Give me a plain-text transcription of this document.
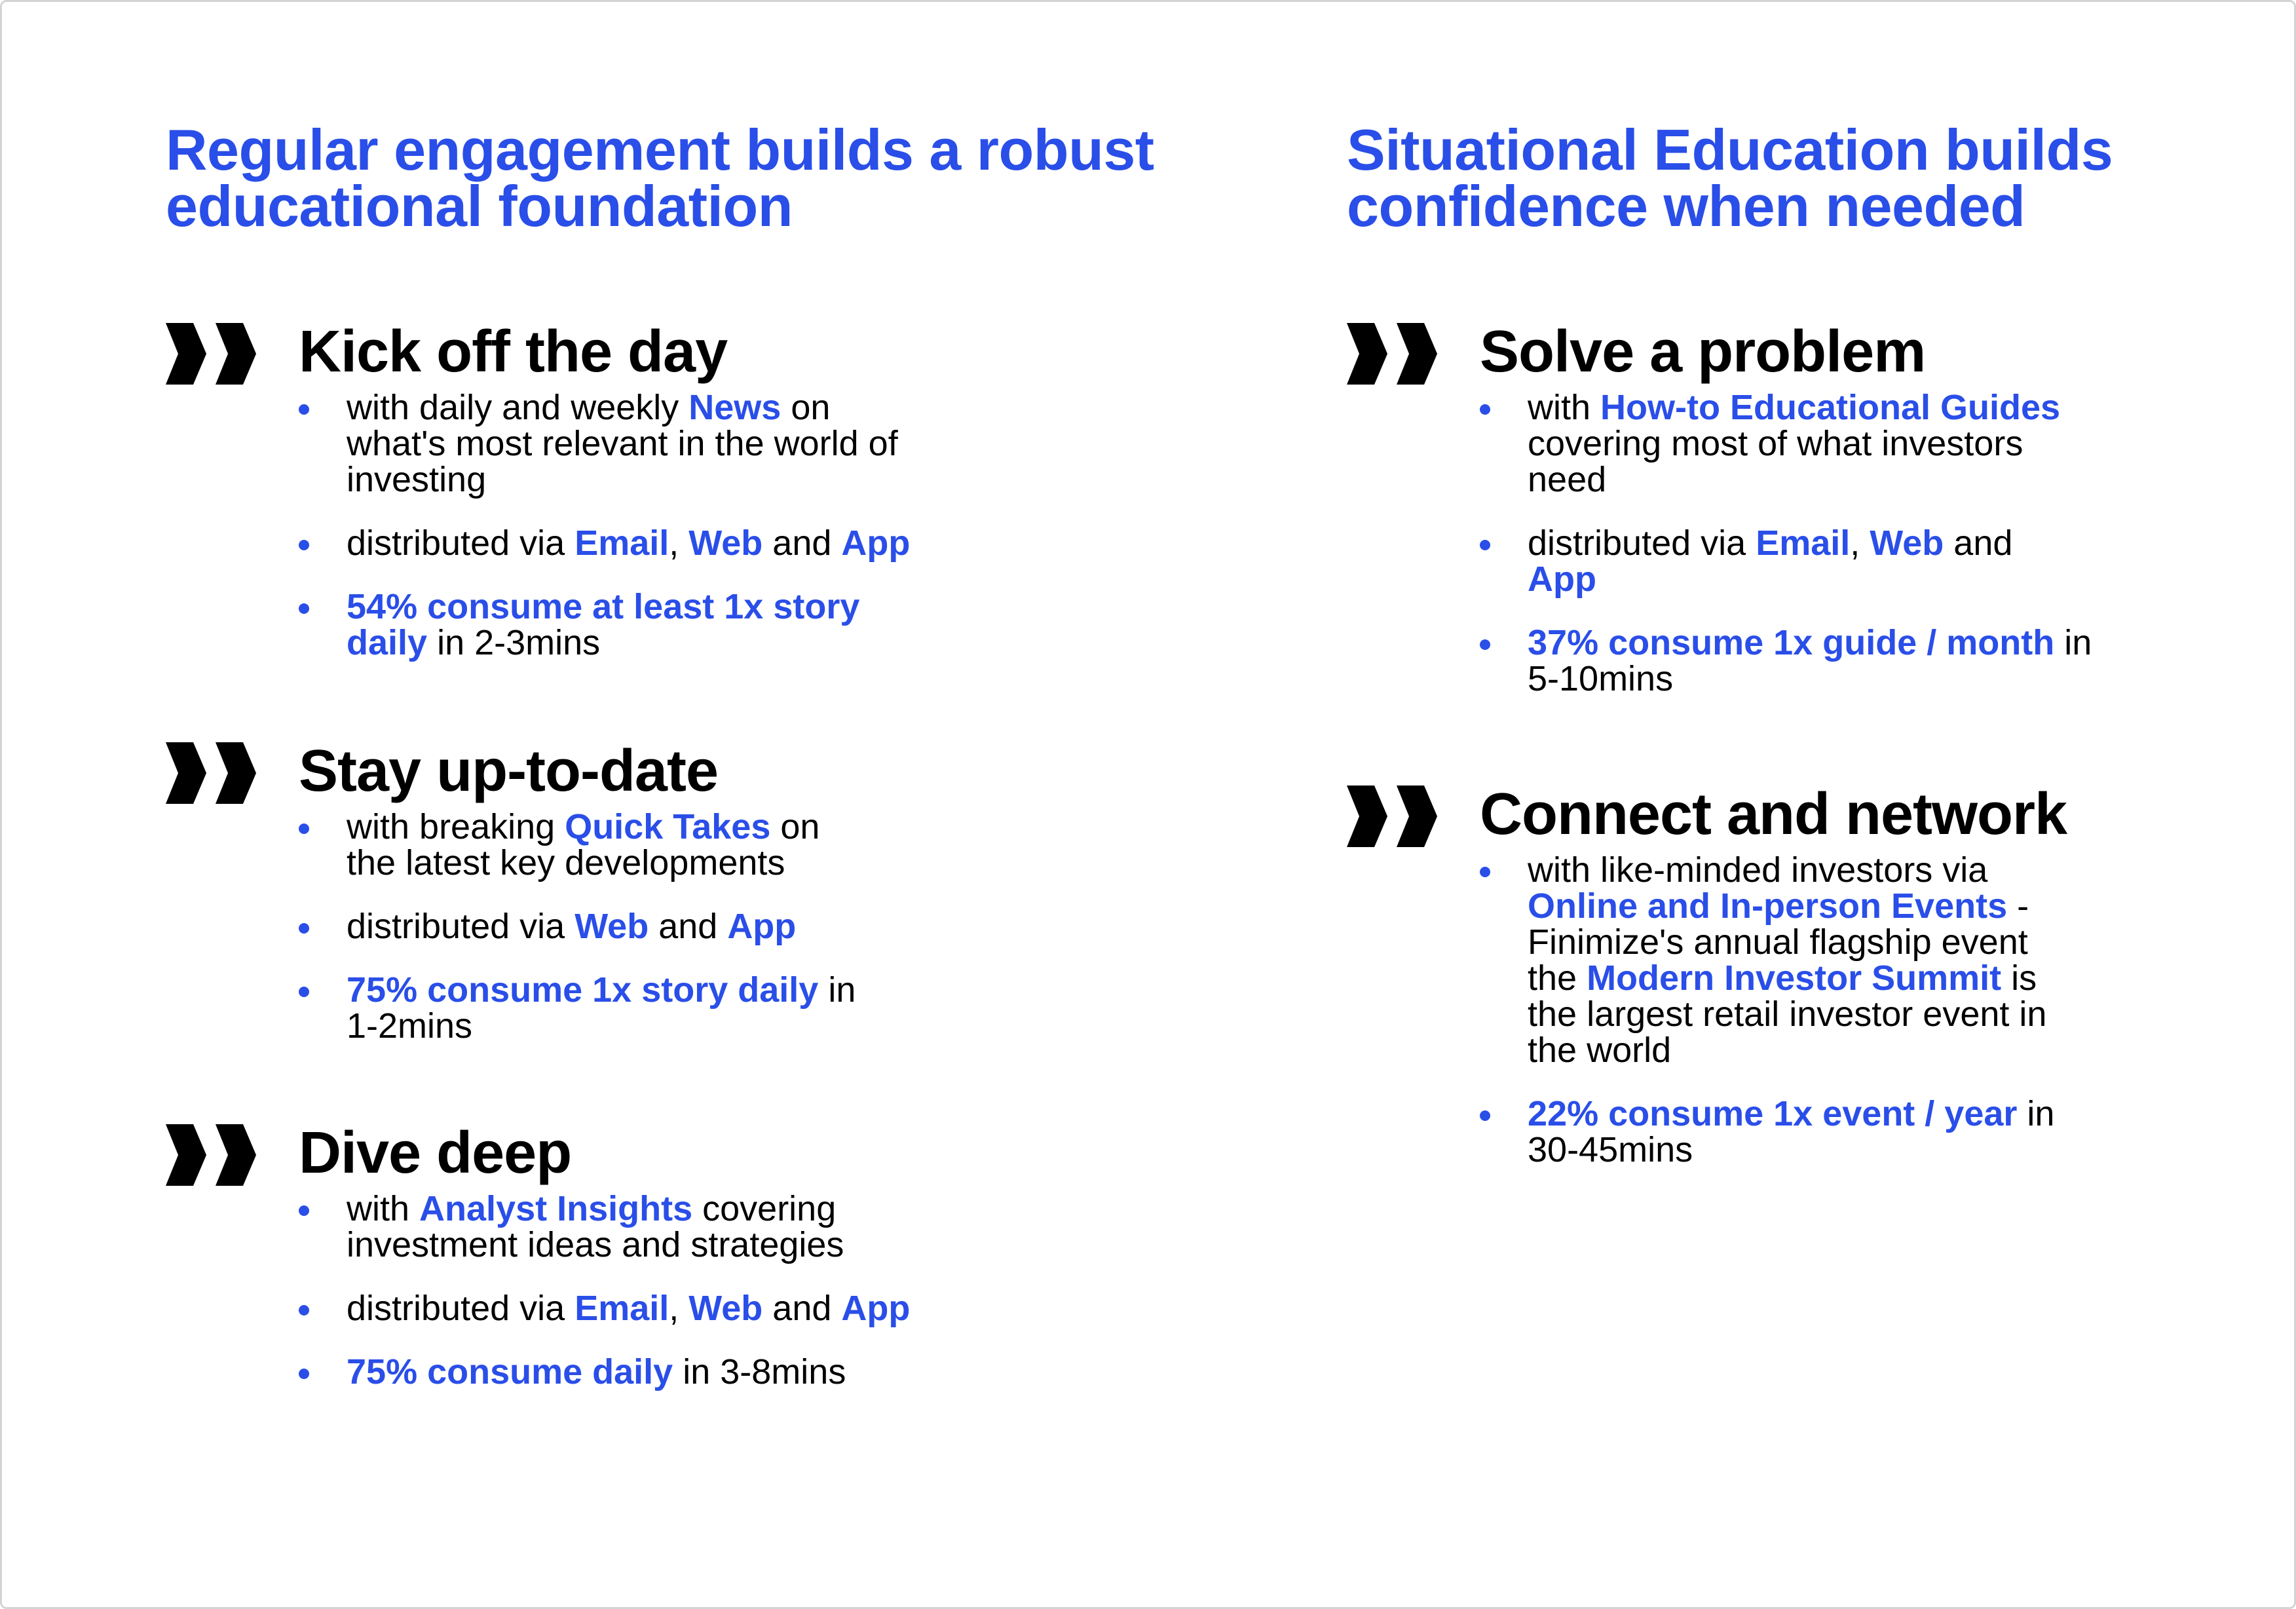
Regular engagement builds a robust
educational foundation
Kick off the day
with daily and weekly News on
what's most relevant in the world of
investing
distributed via Email, Web and App
54% consume at least 1x story
daily in 2-3mins
Stay up-to-date
with breaking Quick Takes on
the latest key developments
distributed via Web and App
75% consume 1x story daily in
1-2mins
Dive deep
with Analyst Insights covering
investment ideas and strategies
distributed via Email, Web and App
75% consume daily in 3-8mins
Situational Education builds
confidence when needed
Solve a problem
with How-to Educational Guides
covering most of what investors
need
distributed via Email, Web and
App
37% consume 1x guide / month in
5-10mins
Connect and network
with like-minded investors via
Online and In-person Events -
Finimize's annual flagship event
the Modern Investor Summit is
the largest retail investor event in
the world
22% consume 1x event / year in
30-45mins
